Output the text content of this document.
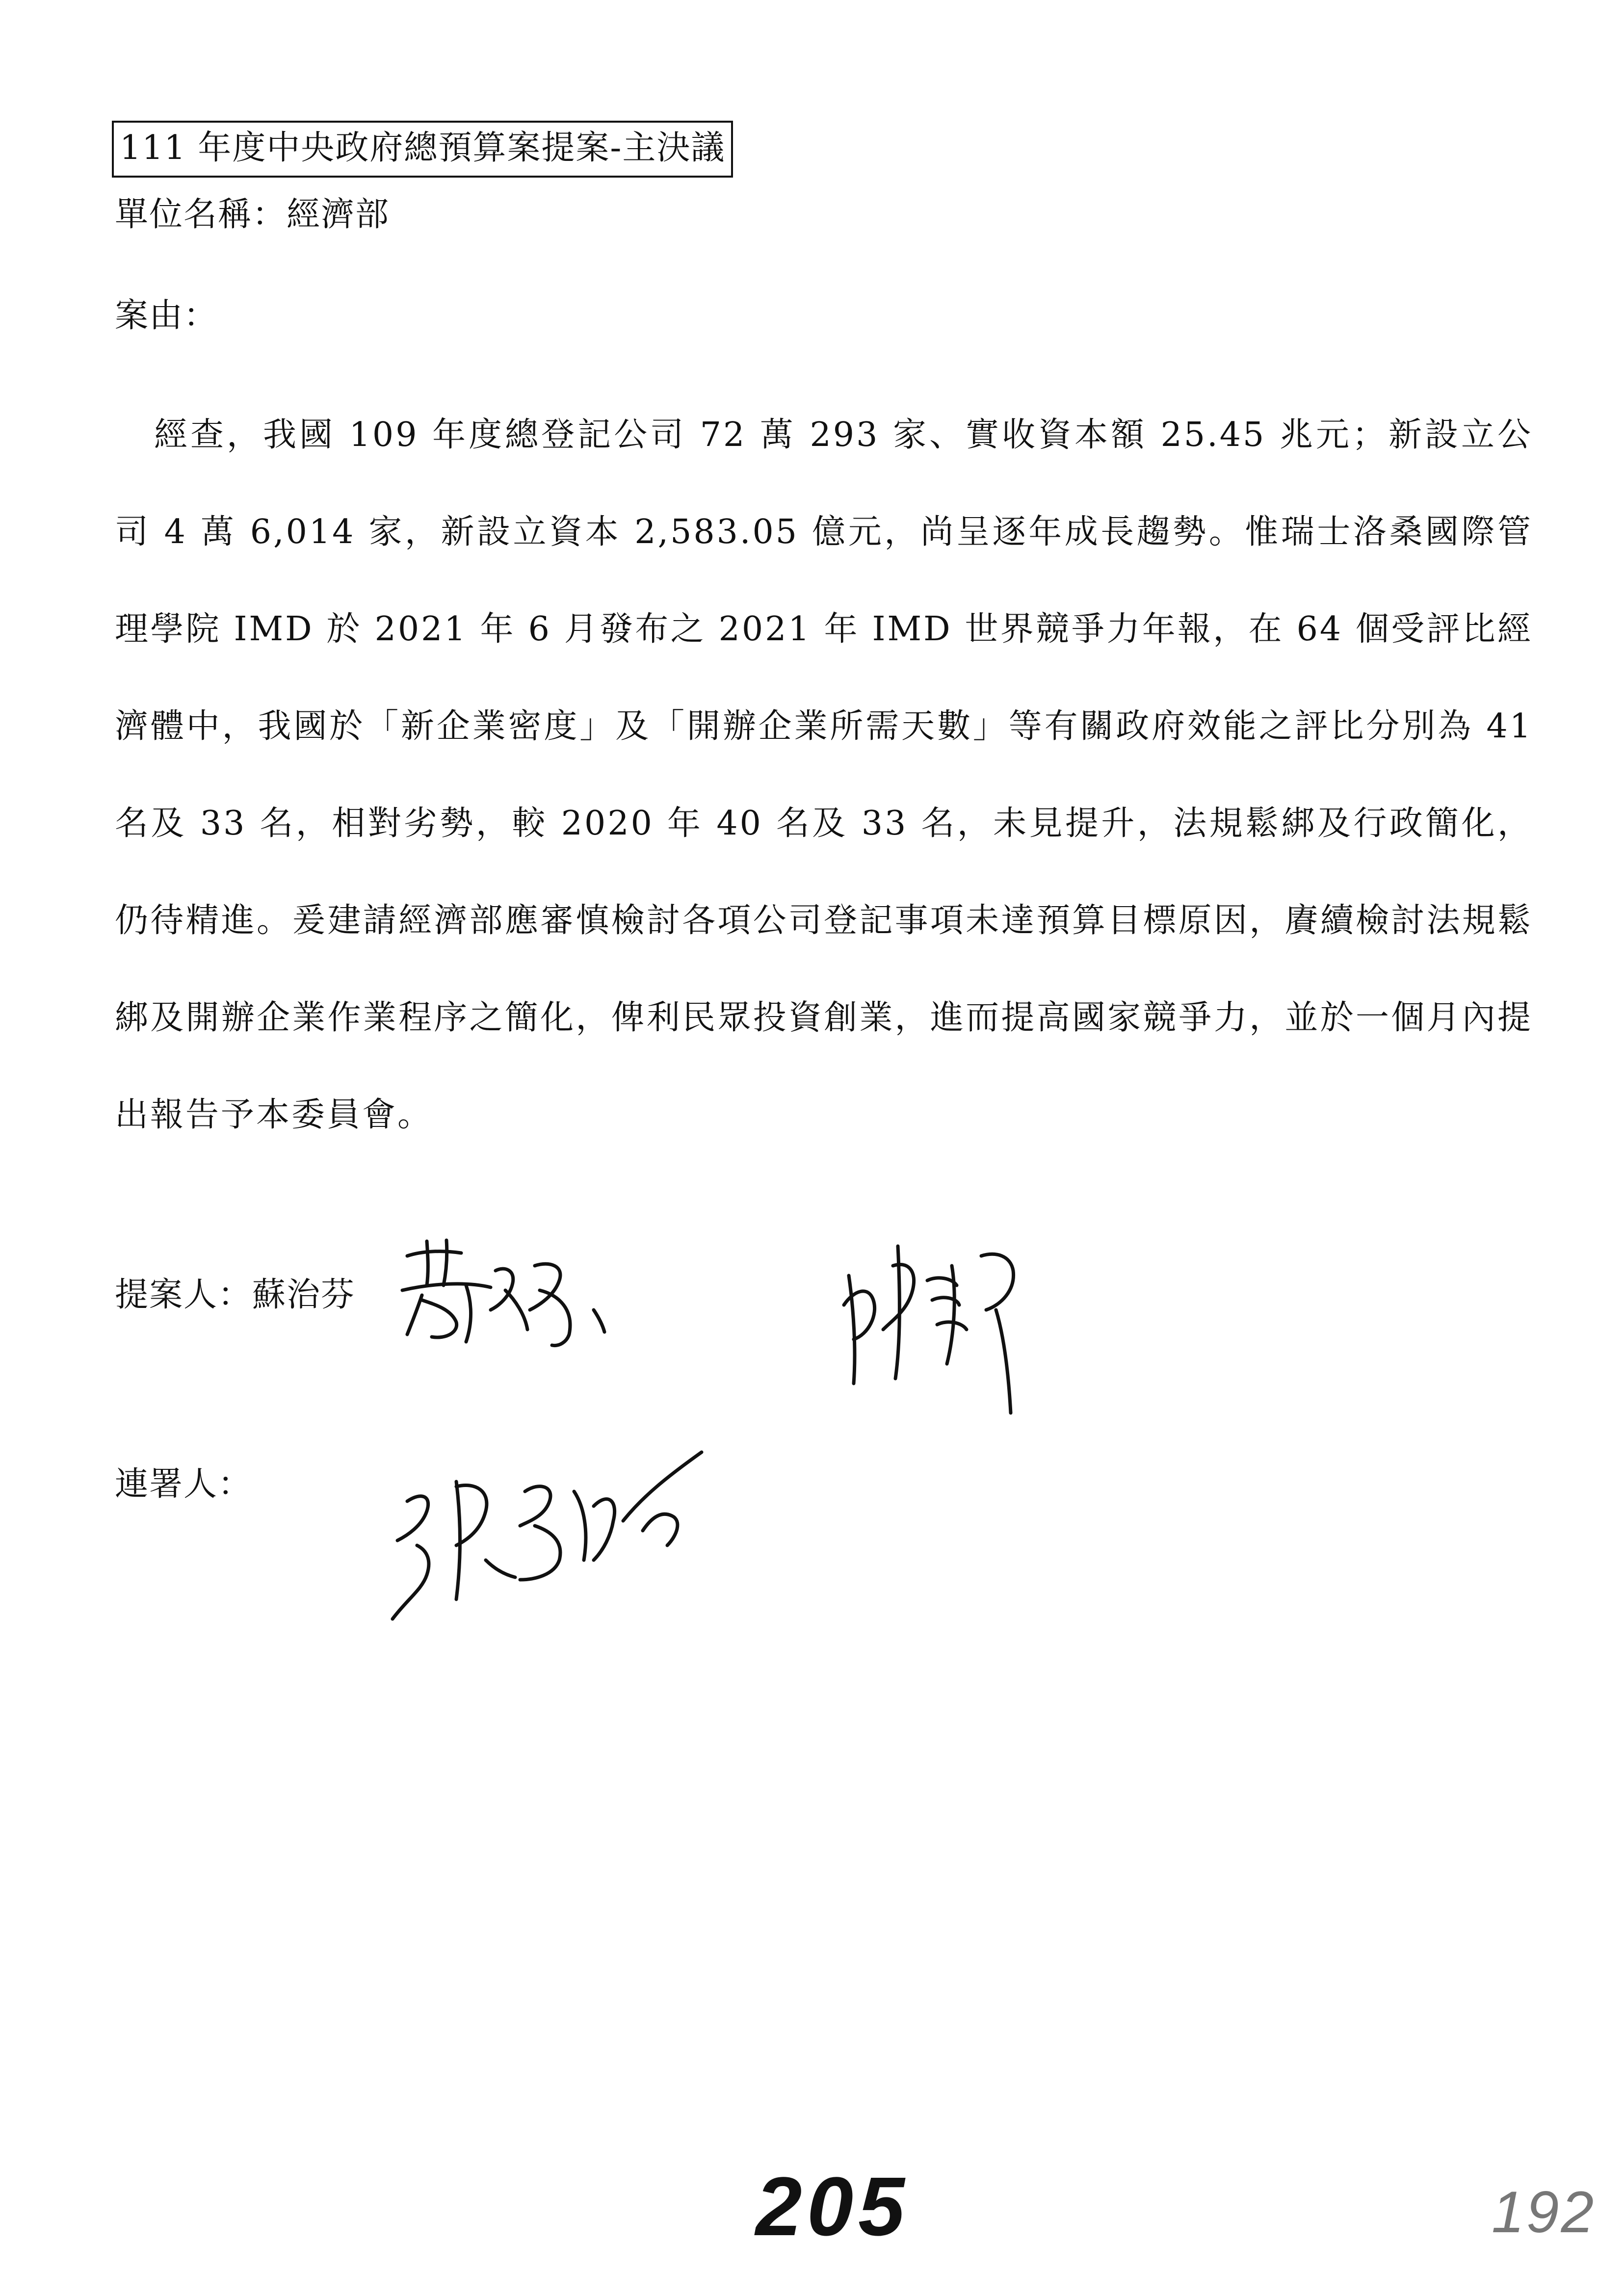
111 年度中央政府總預算案提案-主決議
單位名稱：經濟部
案由：

經查，我國 109 年度總登記公司 72 萬 293 家、實收資本額 25.45 兆元；新設立公司 4 萬 6,014 家，新設立資本 2,583.05 億元，尚呈逐年成長趨勢。惟瑞士洛桑國際管理學院 IMD 於 2021 年 6 月發布之 2021 年 IMD 世界競爭力年報，在 64 個受評比經濟體中，我國於「新企業密度」及「開辦企業所需天數」等有關政府效能之評比分別為 41 名及 33 名，相對劣勢，較 2020 年 40 名及 33 名，未見提升，法規鬆綁及行政簡化，仍待精進。爰建請經濟部應審慎檢討各項公司登記事項未達預算目標原因，賡續檢討法規鬆綁及開辦企業作業程序之簡化，俾利民眾投資創業，進而提高國家競爭力，並於一個月內提出報告予本委員會。

提案人：蘇治芬
連署人：
205	192
